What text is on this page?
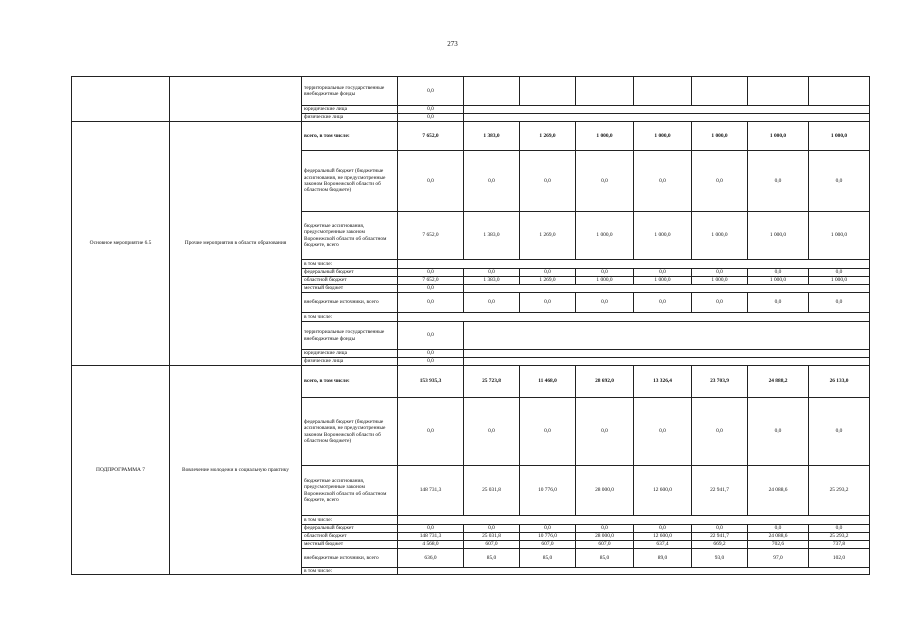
273
		территориальные государственные внебюджетные фонды	0,0							
		юридические лица	0,0							
		физические лица	0,0							
Основное мероприятие 6.5	Прочие мероприятия в области образования	всего, в том числе:	7 652,0	1 383,0	1 269,0	1 000,0	1 000,0	1 000,0	1 000,0	1 000,0
		федеральный бюджет (бюджетные ассигнования, не предусмотренные законом Воронежской области об областном бюджете)	0,0	0,0	0,0	0,0	0,0	0,0	0,0	0,0
		бюджетные ассигнования, предусмотренные законом Воронежской области об областном бюджете, всего	7 652,0	1 383,0	1 269,0	1 000,0	1 000,0	1 000,0	1 000,0	1 000,0
		в том числе:								
		федеральный бюджет	0,0	0,0	0,0	0,0	0,0	0,0	0,0	0,0
		областной бюджет	7 652,0	1 383,0	1 269,0	1 000,0	1 000,0	1 000,0	1 000,0	1 000,0
		местный бюджет	0,0							
		внебюджетные источники, всего	0,0	0,0	0,0	0,0	0,0	0,0	0,0	0,0
		в том числе:								
		территориальные государственные внебюджетные фонды	0,0							
		юридические лица	0,0							
		физические лица	0,0							
ПОДПРОГРАММА 7	Вовлечение молодежи в социальную практику	всего, в том числе:	153 935,3	25 723,8	11 468,0	28 692,0	13 326,4	23 703,9	24 888,2	26 133,0
		федеральный бюджет (бюджетные ассигнования, не предусмотренные законом Воронежской области об областном бюджете)	0,0	0,0	0,0	0,0	0,0	0,0	0,0	0,0
		бюджетные ассигнования, предусмотренные законом Воронежской области об областном бюджете, всего	148 731,3	25 031,8	10 776,0	28 000,0	12 600,0	22 941,7	24 088,6	25 293,2
		в том числе:								
		федеральный бюджет	0,0	0,0	0,0	0,0	0,0	0,0	0,0	0,0
		областной бюджет	148 731,3	25 031,8	10 776,0	28 000,0	12 600,0	22 941,7	24 088,6	25 293,2
		местный бюджет	4 568,0	607,0	607,0	607,0	637,4	669,2	702,6	737,8
		внебюджетные источники, всего	636,0	85,0	85,0	85,0	89,0	93,0	97,0	102,0
		в том числе:								
